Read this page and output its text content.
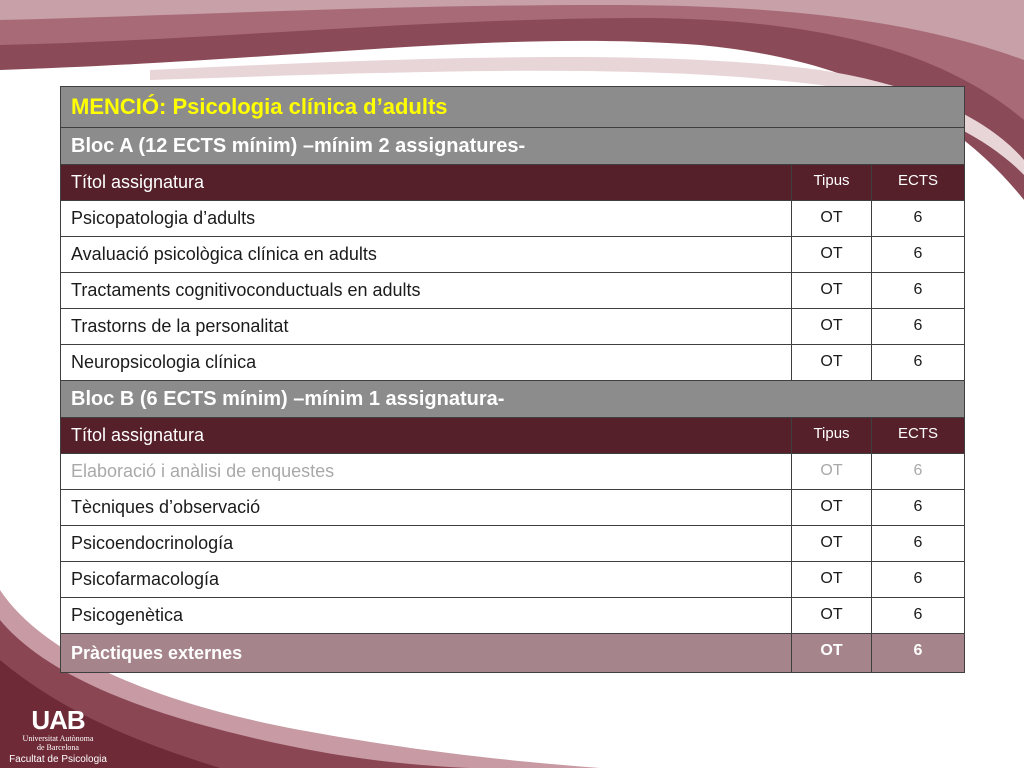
MENCIÓ: Psicologia clínica d’adults		
Bloc A (12 ECTS mínim) –mínim 2 assignatures-		
Títol assignatura	Tipus	ECTS
Psicopatologia d’adults	OT	6
Avaluació psicològica clínica en adults	OT	6
Tractaments cognitivoconductuals en adults	OT	6
Trastorns de la personalitat	OT	6
Neuropsicologia clínica	OT	6
Bloc B (6 ECTS mínim) –mínim 1 assignatura-		
Títol assignatura	Tipus	ECTS
Elaboració i anàlisi de enquestes	OT	6
Tècniques d’observació	OT	6
Psicoendocrinología	OT	6
Psicofarmacología	OT	6
Psicogenètica	OT	6
Pràctiques externes	OT	6
UAB
Universitat Autònoma
de Barcelona
Facultat de Psicologia
